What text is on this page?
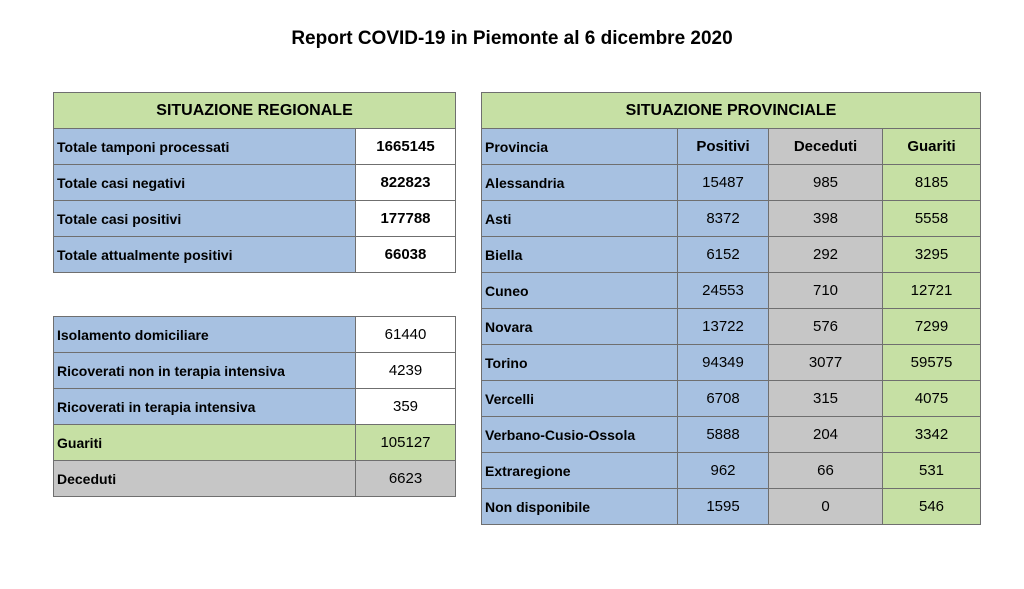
Report COVID-19 in Piemonte al 6 dicembre 2020
SITUAZIONE REGIONALE	
Totale tamponi processati	1665145
Totale casi negativi	822823
Totale casi positivi	177788
Totale attualmente positivi	66038
Isolamento domiciliare	61440
Ricoverati non in terapia intensiva	4239
Ricoverati in terapia intensiva	359
Guariti	105127
Deceduti	6623
SITUAZIONE PROVINCIALE			
Provincia	Positivi	Deceduti	Guariti
Alessandria	15487	985	8185
Asti	8372	398	5558
Biella	6152	292	3295
Cuneo	24553	710	12721
Novara	13722	576	7299
Torino	94349	3077	59575
Vercelli	6708	315	4075
Verbano-Cusio-Ossola	5888	204	3342
Extraregione	962	66	531
Non disponibile	1595	0	546
